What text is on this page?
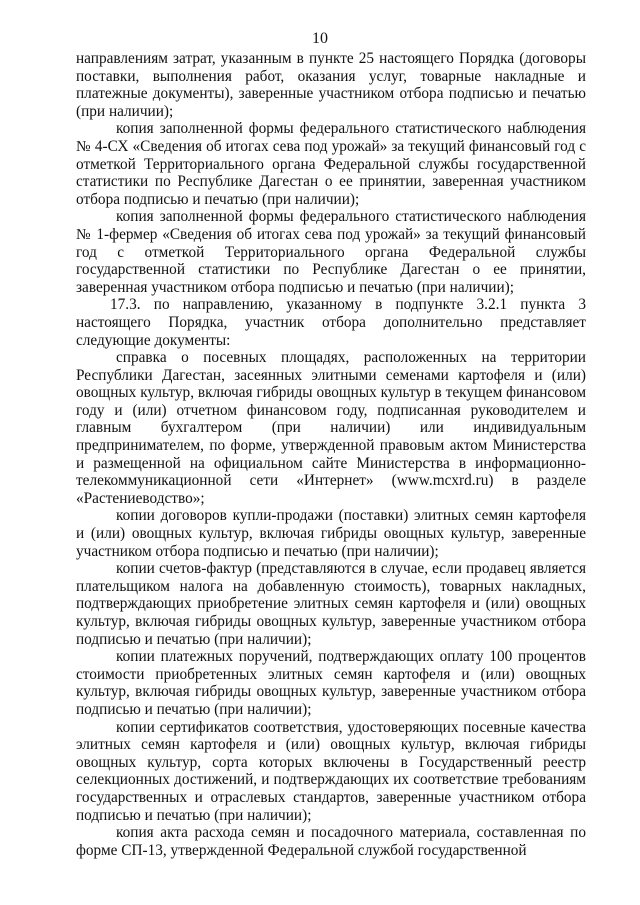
10

направлениям затрат, указанным в пункте 25 настоящего Порядка (договоры поставки, выполнения работ, оказания услуг, товарные накладные и платежные документы), заверенные участником отбора подписью и печатью (при наличии);

копия заполненной формы федерального статистического наблюдения № 4-СХ «Сведения об итогах сева под урожай» за текущий финансовый год с отметкой Территориального органа Федеральной службы государственной статистики по Республике Дагестан о ее принятии, заверенная участником отбора подписью и печатью (при наличии);

копия заполненной формы федерального статистического наблюдения № 1-фермер «Сведения об итогах сева под урожай» за текущий финансовый год с отметкой Территориального органа Федеральной службы государственной статистики по Республике Дагестан о ее принятии, заверенная участником отбора подписью и печатью (при наличии);

17.3. по направлению, указанному в подпункте 3.2.1 пункта 3 настоящего Порядка, участник отбора дополнительно представляет следующие документы:

справка о посевных площадях, расположенных на территории Республики Дагестан, засеянных элитными семенами картофеля и (или) овощных культур, включая гибриды овощных культур в текущем финансовом году и (или) отчетном финансовом году, подписанная руководителем и главным бухгалтером (при наличии) или индивидуальным предпринимателем, по форме, утвержденной правовым актом Министерства и размещенной на официальном сайте Министерства в информационно-телекоммуникационной сети «Интернет» (www.mcxrd.ru) в разделе «Растениеводство»;

копии договоров купли-продажи (поставки) элитных семян картофеля и (или) овощных культур, включая гибриды овощных культур, заверенные участником отбора подписью и печатью (при наличии);

копии счетов-фактур (представляются в случае, если продавец является плательщиком налога на добавленную стоимость), товарных накладных, подтверждающих приобретение элитных семян картофеля и (или) овощных культур, включая гибриды овощных культур, заверенные участником отбора подписью и печатью (при наличии);

копии платежных поручений, подтверждающих оплату 100 процентов стоимости приобретенных элитных семян картофеля и (или) овощных культур, включая гибриды овощных культур, заверенные участником отбора подписью и печатью (при наличии);

копии сертификатов соответствия, удостоверяющих посевные качества элитных семян картофеля и (или) овощных культур, включая гибриды овощных культур, сорта которых включены в Государственный реестр селекционных достижений, и подтверждающих их соответствие требованиям государственных и отраслевых стандартов, заверенные участником отбора подписью и печатью (при наличии);

копия акта расхода семян и посадочного материала, составленная по форме СП-13, утвержденной Федеральной службой государственной
